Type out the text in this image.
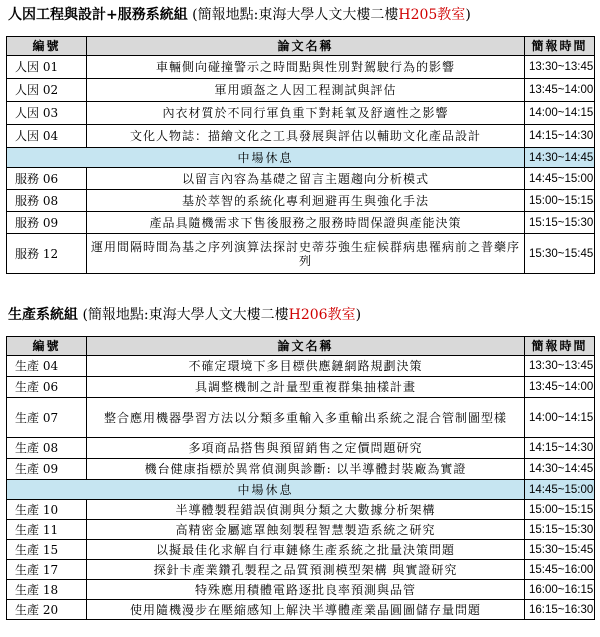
人因工程與設計+服務系統組 (簡報地點:東海大學人文大樓二樓H205教室)
編號	論文名稱	簡報時間
人因 01	車輛側向碰撞警示之時間點與性別對駕駛行為的影響	13:30~13:45
人因 02	軍用頭盔之人因工程測試與評估	13:45~14:00
人因 03	內衣材質於不同行軍負重下對耗氧及舒適性之影響	14:00~14:15
人因 04	文化人物誌：描繪文化之工具發展與評估以輔助文化產品設計	14:15~14:30
中場休息		14:30~14:45
服務 06	以留言內容為基礎之留言主題趨向分析模式	14:45~15:00
服務 08	基於萃智的系統化專利迴避再生與強化手法	15:00~15:15
服務 09	產品具隨機需求下售後服務之服務時間保證與產能決策	15:15~15:30
服務 12	運用間隔時間為基之序列演算法探討史蒂芬強生症候群病患罹病前之普藥序列	15:30~15:45
生產系統組 (簡報地點:東海大學人文大樓二樓H206教室)
編號	論文名稱	簡報時間
生產 04	不確定環境下多目標供應鏈網路規劃決策	13:30~13:45
生產 06	具調整機制之計量型重複群集抽樣計畫	13:45~14:00
生產 07	整合應用機器學習方法以分類多重輸入多重輸出系統之混合管制圖型樣	14:00~14:15
生產 08	多項商品搭售與預留銷售之定價問題研究	14:15~14:30
生產 09	機台健康指標於異常偵測與診斷: 以半導體封裝廠為實證	14:30~14:45
中場休息		14:45~15:00
生產 10	半導體製程錯誤偵測與分類之大數據分析架構	15:00~15:15
生產 11	高精密金屬遮罩蝕刻製程智慧製造系統之研究	15:15~15:30
生產 15	以擬最佳化求解自行車鏈條生產系統之批量決策問題	15:30~15:45
生產 17	探針卡產業鑽孔製程之品質預測模型架構 與實證研究	15:45~16:00
生產 18	特殊應用積體電路逐批良率預測與品管	16:00~16:15
生產 20	使用隨機漫步在壓縮感知上解決半導體產業晶圓圖儲存量問題	16:15~16:30
